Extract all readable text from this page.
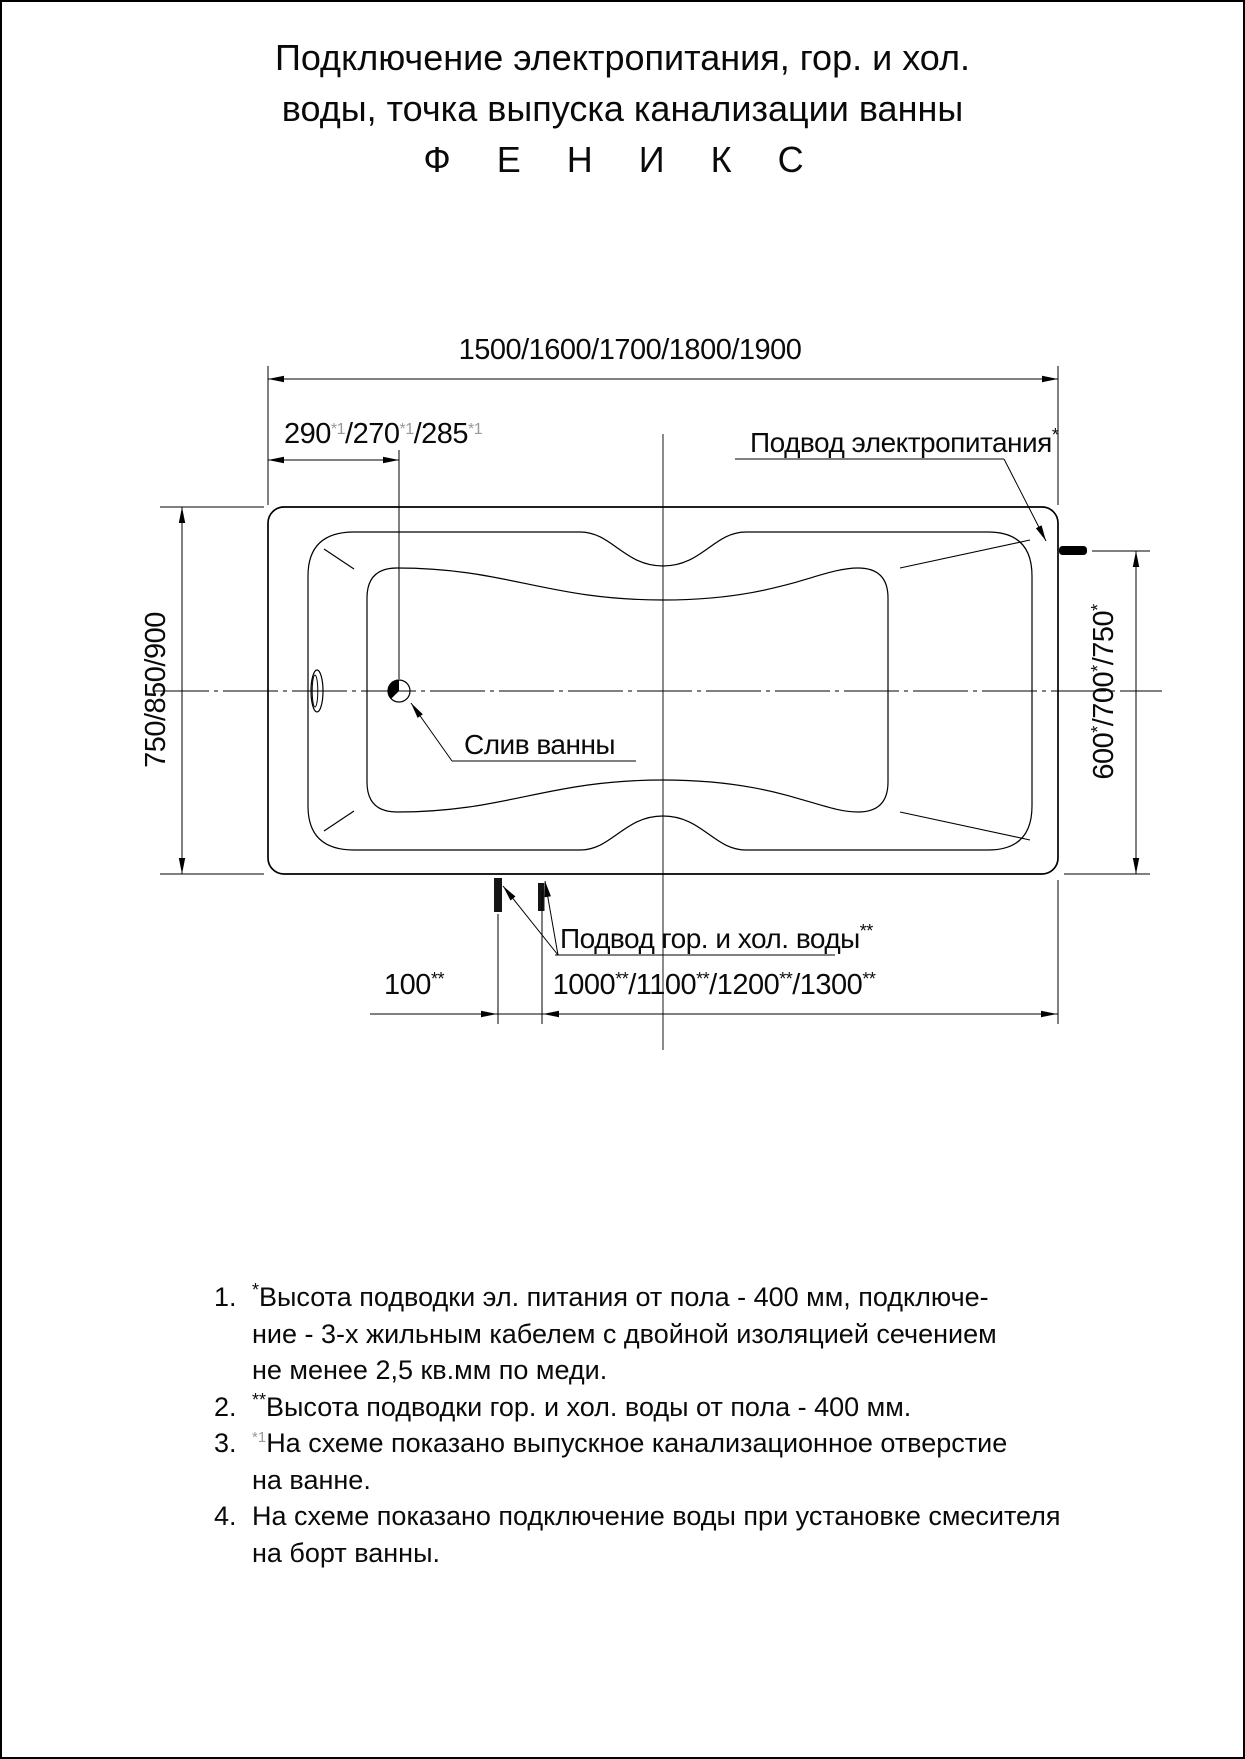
Подключение электропитания, гор. и хол.
воды, точка выпуска канализации ванны
Ф Е Н И К С
1500/1600/1700/1800/1900
290$^{*1}$/270$^{*1}$/285$^{*1}$
750/850/900	600*/700*/750*
100**	1000**/1100**/1200**/1300**
Подвод электропитания*
Слив ванны
Подвод гор. и хол. воды**
1. *Высота подводки эл. питания от пола - 400 мм, подключе-
ние - 3-х жильным кабелем с двойной изоляцией сечением
не менее 2,5 кв.мм по меди.
2. **Высота подводки гор. и хол. воды от пола - 400 мм.
3.	$^{*1}$На схеме показано выпускное канализационное отверстие
на ванне.
4. На схеме показано подключение воды при установке смесителя
на борт ванны.
